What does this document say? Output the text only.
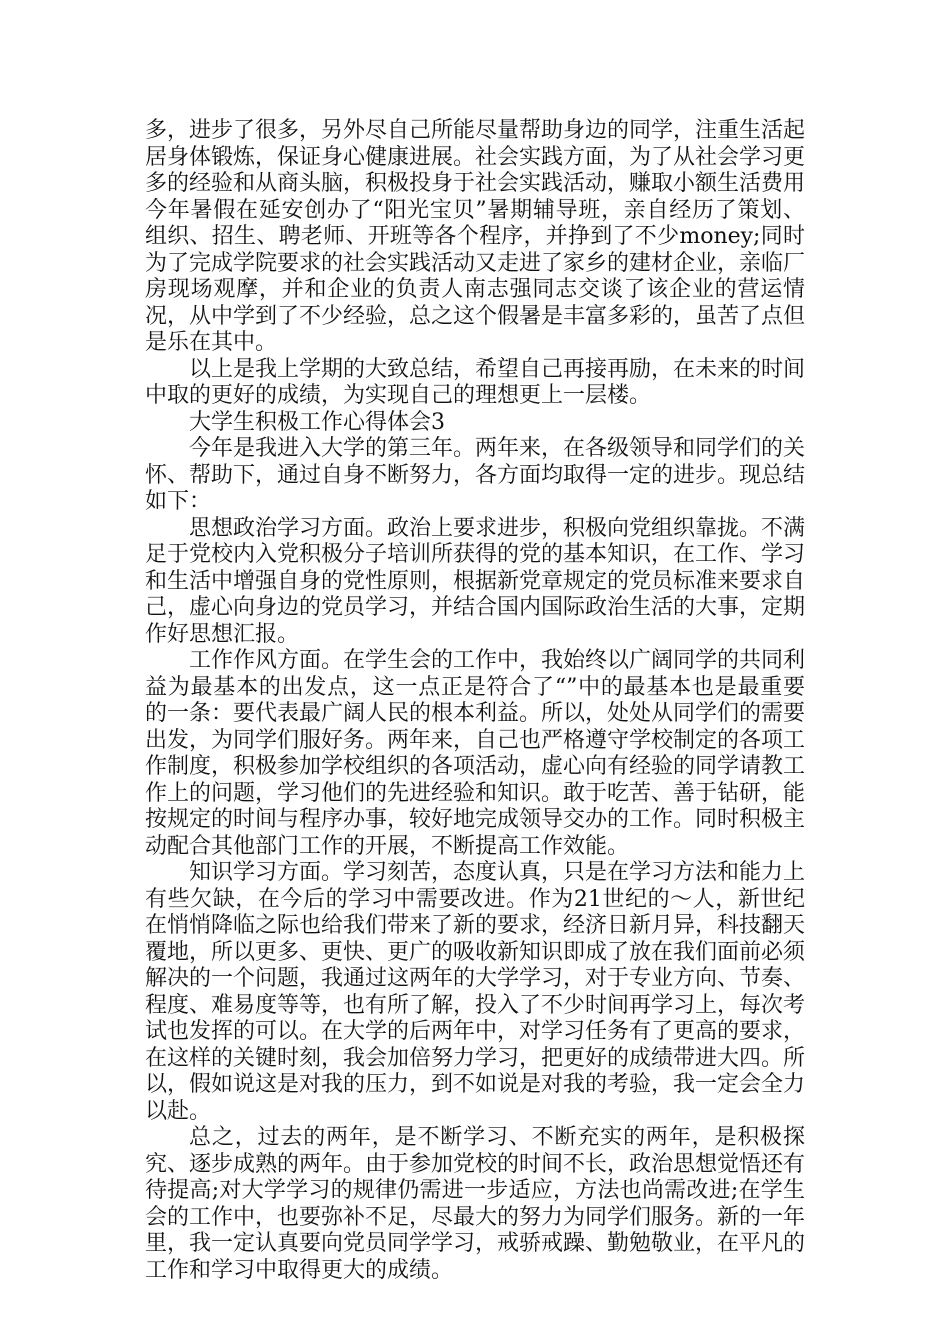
多，进步了很多，另外尽自己所能尽量帮助身边的同学，注重生活起居身体锻炼，保证身心健康进展。社会实践方面，为了从社会学习更多的经验和从商头脑，积极投身于社会实践活动，赚取小额生活费用今年暑假在延安创办了“阳光宝贝”暑期辅导班，亲自经历了策划、组织、招生、聘老师、开班等各个程序，并挣到了不少money;同时为了完成学院要求的社会实践活动又走进了家乡的建材企业，亲临厂房现场观摩，并和企业的负责人南志强同志交谈了该企业的营运情况，从中学到了不少经验，总之这个假暑是丰富多彩的，虽苦了点但是乐在其中。

以上是我上学期的大致总结，希望自己再接再励，在未来的时间中取的更好的成绩，为实现自己的理想更上一层楼。

大学生积极工作心得体会3

今年是我进入大学的第三年。两年来，在各级领导和同学们的关怀、帮助下，通过自身不断努力，各方面均取得一定的进步。现总结如下：

思想政治学习方面。政治上要求进步，积极向党组织靠拢。不满足于党校内入党积极分子培训所获得的党的基本知识，在工作、学习和生活中增强自身的党性原则，根据新党章规定的党员标准来要求自己，虚心向身边的党员学习，并结合国内国际政治生活的大事，定期作好思想汇报。

工作作风方面。在学生会的工作中，我始终以广阔同学的共同利益为最基本的出发点，这一点正是符合了“”中的最基本也是最重要的一条：要代表最广阔人民的根本利益。所以，处处从同学们的需要出发，为同学们服好务。两年来，自己也严格遵守学校制定的各项工作制度，积极参加学校组织的各项活动，虚心向有经验的同学请教工作上的问题，学习他们的先进经验和知识。敢于吃苦、善于钻研，能按规定的时间与程序办事，较好地完成领导交办的工作。同时积极主动配合其他部门工作的开展，不断提高工作效能。

知识学习方面。学习刻苦，态度认真，只是在学习方法和能力上有些欠缺，在今后的学习中需要改进。作为21世纪的～人，新世纪在悄悄降临之际也给我们带来了新的要求，经济日新月异，科技翻天覆地，所以更多、更快、更广的吸收新知识即成了放在我们面前必须解决的一个问题，我通过这两年的大学学习，对于专业方向、节奏、程度、难易度等等，也有所了解，投入了不少时间再学习上，每次考试也发挥的可以。在大学的后两年中，对学习任务有了更高的要求，在这样的关键时刻，我会加倍努力学习，把更好的成绩带进大四。所以，假如说这是对我的压力，到不如说是对我的考验，我一定会全力以赴。

总之，过去的两年，是不断学习、不断充实的两年，是积极探究、逐步成熟的两年。由于参加党校的时间不长，政治思想觉悟还有待提高;对大学学习的规律仍需进一步适应，方法也尚需改进;在学生会的工作中，也要弥补不足，尽最大的努力为同学们服务。新的一年里，我一定认真要向党员同学学习，戒骄戒躁、勤勉敬业，在平凡的工作和学习中取得更大的成绩。
